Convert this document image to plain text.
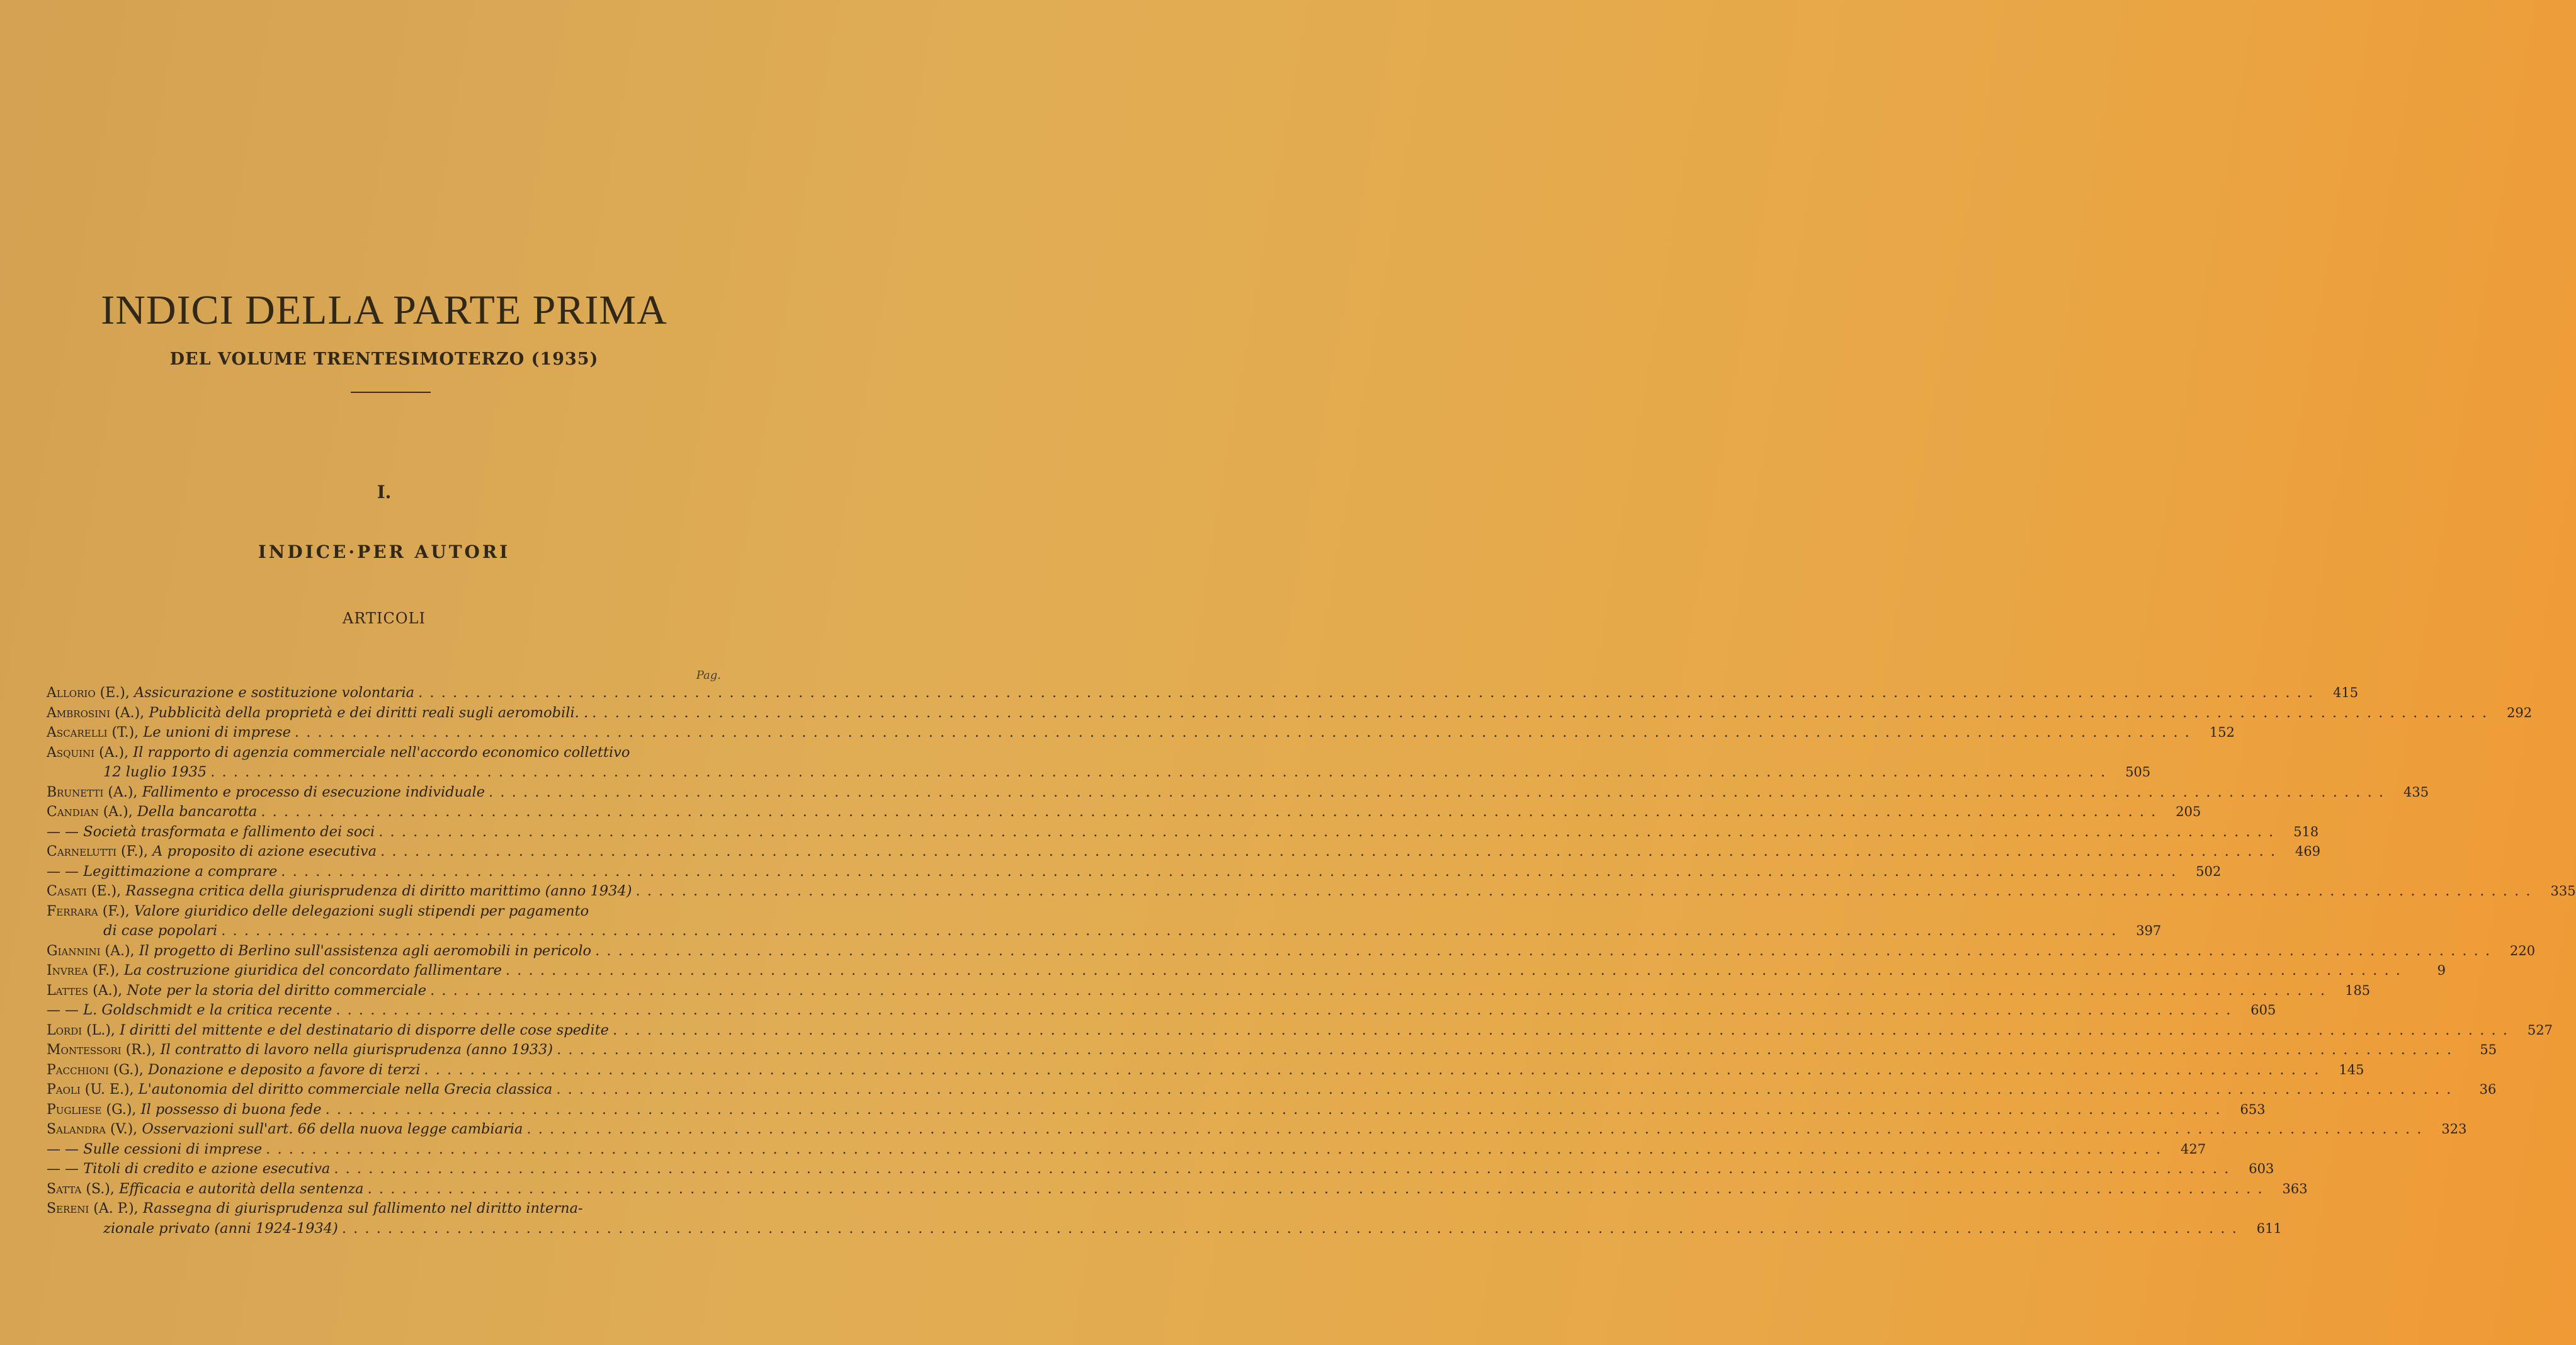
INDICI DELLA PARTE PRIMA
DEL VOLUME TRENTESIMOTERZO (1935)
I.
INDICE·PER AUTORI
ARTICOLI
Pag.
Allorio (E.), Assicurazione e sostituzione volontaria . . .	415
Ambrosini (A.), Pubblicità della proprietà e dei diritti reali sugli aeromobili. . . . .	292
Ascarelli (T.), Le unioni di imprese . . .	152
Asquini (A.), Il rapporto di agenzia commerciale nell'accordo economico collettivo
12 luglio 1935 . . .	505
Brunetti (A.), Fallimento e processo di esecuzione individuale . . .	435
Candian (A.), Della bancarotta . . .	205
— — Società trasformata e fallimento dei soci . . .	518
Carnelutti (F.), A proposito di azione esecutiva . . .	469
— — Legittimazione a comprare . . .	502
Casati (E.), Rassegna critica della giurisprudenza di diritto marittimo (anno 1934) . . .	335
Ferrara (F.), Valore giuridico delle delegazioni sugli stipendi per pagamento
di case popolari . . .	397
Giannini (A.), Il progetto di Berlino sull'assistenza agli aeromobili in pericolo . . .	220
Invrea (F.), La costruzione giuridica del concordato fallimentare . . .	9
Lattes (A.), Note per la storia del diritto commerciale . . .	185
— — L. Goldschmidt e la critica recente . . .	605
Lordi (L.), I diritti del mittente e del destinatario di disporre delle cose spedite . . .	527
Montessori (R.), Il contratto di lavoro nella giurisprudenza (anno 1933) . . .	55
Pacchioni (G.), Donazione e deposito a favore di terzi . . .	145
Paoli (U. E.), L'autonomia del diritto commerciale nella Grecia classica . . .	36
Pugliese (G.), Il possesso di buona fede . . .	653
Salandra (V.), Osservazioni sull'art. 66 della nuova legge cambiaria . . .	323
— — Sulle cessioni di imprese . . .	427
— — Titoli di credito e azione esecutiva . . .	603
Satta (S.), Efficacia e autorità della sentenza . . .	363
Sereni (A. P.), Rassegna di giurisprudenza sul fallimento nel diritto interna-
zionale privato (anni 1924-1934) . . .	611
